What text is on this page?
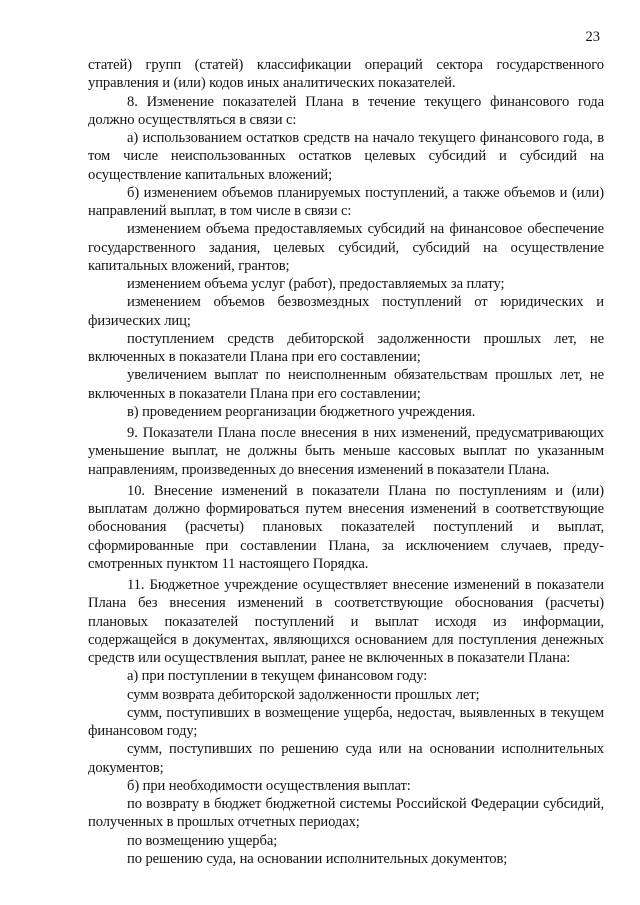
23

статей) групп (статей) классификации операций сектора государственного управления и (или) кодов иных аналитических показателей.

8. Изменение показателей Плана в течение текущего финансового года должно осуществляться в связи с:

а) использованием остатков средств на начало текущего финансового года, в том числе неиспользованных остатков целевых субсидий и субсидий на осуществление капитальных вложений;

б) изменением объемов планируемых поступлений, а также объемов и (или) направлений выплат, в том числе в связи с:

изменением объема предоставляемых субсидий на финансовое обеспечение государственного задания, целевых субсидий, субсидий на осуществление капитальных вложений, грантов;

изменением объема услуг (работ), предоставляемых за плату;

изменением объемов безвозмездных поступлений от юридических и физических лиц;

поступлением средств дебиторской задолженности прошлых лет, не включенных в показатели Плана при его составлении;

увеличением выплат по неисполненным обязательствам прошлых лет, не включенных в показатели Плана при его составлении;

в) проведением реорганизации бюджетного учреждения.

9. Показатели Плана после внесения в них изменений, предусматривающих уменьшение выплат, не должны быть меньше кассовых выплат по указанным направлениям, произведенных до внесения изменений в показатели Плана.

10. Внесение изменений в показатели Плана по поступлениям и (или) выплатам должно формироваться путем внесения изменений в соответствующие обоснования (расчеты) плановых показателей поступлений и выплат, сформированные при составлении Плана, за исключением случаев, предусмотренных пунктом 11 настоящего Порядка.

11. Бюджетное учреждение осуществляет внесение изменений в показатели Плана без внесения изменений в соответствующие обоснования (расчеты) плановых показателей поступлений и выплат исходя из информации, содержащейся в документах, являющихся основанием для поступления денежных средств или осуществления выплат, ранее не включенных в показатели Плана:

а) при поступлении в текущем финансовом году:

сумм возврата дебиторской задолженности прошлых лет;

сумм, поступивших в возмещение ущерба, недостач, выявленных в текущем финансовом году;

сумм, поступивших по решению суда или на основании исполнительных документов;

б) при необходимости осуществления выплат:

по возврату в бюджет бюджетной системы Российской Федерации субсидий, полученных в прошлых отчетных периодах;

по возмещению ущерба;

по решению суда, на основании исполнительных документов;
